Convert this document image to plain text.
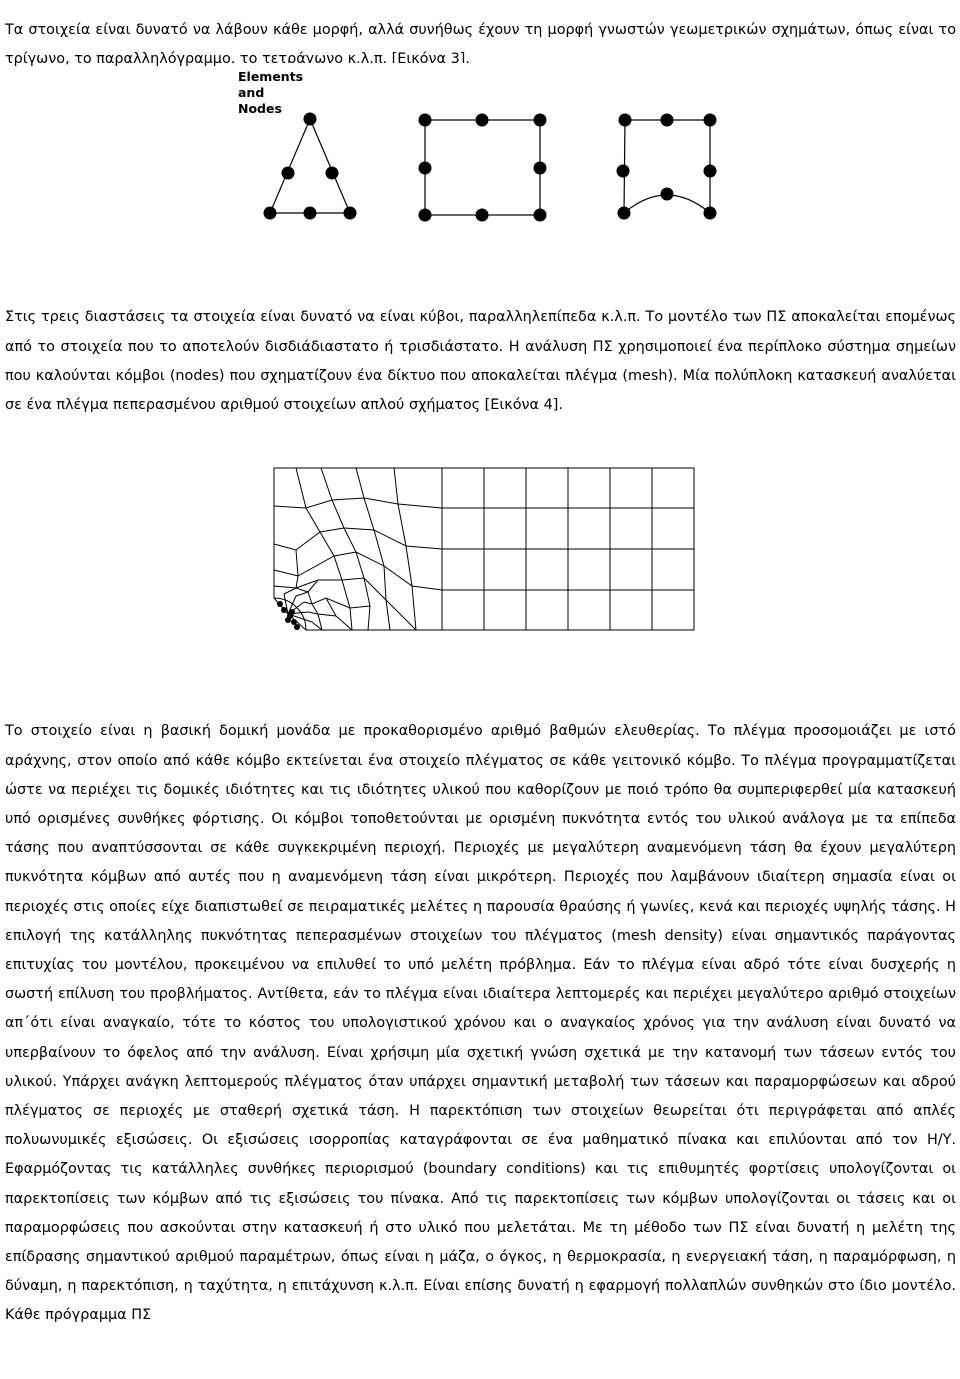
Τα στοιχεία είναι δυνατό να λάβουν κάθε μορφή, αλλά συνήθως έχουν τη μορφή γνωστών γεωμετρικών σχημάτων, όπως είναι το τρίγωνο, το παραλληλόγραμμο, το τετράγωνο κ.λ.π. [Εικόνα 3].

Elements
and
Nodes

Στις τρεις διαστάσεις τα στοιχεία είναι δυνατό να είναι κύβοι, παραλληλεπίπεδα κ.λ.π. Το μοντέλο των ΠΣ αποκαλείται επομένως από το στοιχεία που το αποτελούν δισδιάδιαστατο ή τρισδιάστατο. Η ανάλυση ΠΣ χρησιμοποιεί ένα περίπλοκο σύστημα σημείων που καλούνται κόμβοι (nodes) που σχηματίζουν ένα δίκτυο που αποκαλείται πλέγμα (mesh). Μία πολύπλοκη κατασκευή αναλύεται σε ένα πλέγμα πεπερασμένου αριθμού στοιχείων απλού σχήματος [Εικόνα 4].

Το στοιχείο είναι η βασική δομική μονάδα με προκαθορισμένο αριθμό βαθμών ελευθερίας. Το πλέγμα προσομοιάζει με ιστό αράχνης, στον οποίο από κάθε κόμβο εκτείνεται ένα στοιχείο πλέγματος σε κάθε γειτονικό κόμβο. Το πλέγμα προγραμματίζεται ώστε να περιέχει τις δομικές ιδιότητες και τις ιδιότητες υλικού που καθορίζουν με ποιό τρόπο θα συμπεριφερθεί μία κατασκευή υπό ορισμένες συνθήκες φόρτισης. Οι κόμβοι τοποθετούνται με ορισμένη πυκνότητα εντός του υλικού ανάλογα με τα επίπεδα τάσης που αναπτύσσονται σε κάθε συγκεκριμένη περιοχή. Περιοχές με μεγαλύτερη αναμενόμενη τάση θα έχουν μεγαλύτερη πυκνότητα κόμβων από αυτές που η αναμενόμενη τάση είναι μικρότερη. Περιοχές που λαμβάνουν ιδιαίτερη σημασία είναι οι περιοχές στις οποίες είχε διαπιστωθεί σε πειραματικές μελέτες η παρουσία θραύσης ή γωνίες, κενά και περιοχές υψηλής τάσης. Η επιλογή της κατάλληλης πυκνότητας πεπερασμένων στοιχείων του πλέγματος (mesh density) είναι σημαντικός παράγοντας επιτυχίας του μοντέλου, προκειμένου να επιλυθεί το υπό μελέτη πρόβλημα. Εάν το πλέγμα είναι αδρό τότε είναι δυσχερής η σωστή επίλυση του προβλήματος. Αντίθετα, εάν το πλέγμα είναι ιδιαίτερα λεπτομερές και περιέχει μεγαλύτερο αριθμό στοιχείων απ΄ότι είναι αναγκαίο, τότε το κόστος του υπολογιστικού χρόνου και ο αναγκαίος χρόνος για την ανάλυση είναι δυνατό να υπερβαίνουν το όφελος από την ανάλυση. Είναι χρήσιμη μία σχετική γνώση σχετικά με την κατανομή των τάσεων εντός του υλικού. Υπάρχει ανάγκη λεπτομερούς πλέγματος όταν υπάρχει σημαντική μεταβολή των τάσεων και παραμορφώσεων και αδρού πλέγματος σε περιοχές με σταθερή σχετικά τάση. Η παρεκτόπιση των στοιχείων θεωρείται ότι περιγράφεται από απλές πολυωνυμικές εξισώσεις. Οι εξισώσεις ισορροπίας καταγράφονται σε ένα μαθηματικό πίνακα και επιλύονται από τον Η/Υ. Εφαρμόζοντας τις κατάλληλες συνθήκες περιορισμού (boundary conditions) και τις επιθυμητές φορτίσεις υπολογίζονται οι παρεκτοπίσεις των κόμβων από τις εξισώσεις του πίνακα. Από τις παρεκτοπίσεις των κόμβων υπολογίζονται οι τάσεις και οι παραμορφώσεις που ασκούνται στην κατασκευή ή στο υλικό που μελετάται. Με τη μέθοδο των ΠΣ είναι δυνατή η μελέτη της επίδρασης σημαντικού αριθμού παραμέτρων, όπως είναι η μάζα, ο όγκος, η θερμοκρασία, η ενεργειακή τάση, η παραμόρφωση, η δύναμη, η παρεκτόπιση, η ταχύτητα, η επιτάχυνση κ.λ.π. Είναι επίσης δυνατή η εφαρμογή πολλαπλών συνθηκών στο ίδιο μοντέλο. Κάθε πρόγραμμα ΠΣ
